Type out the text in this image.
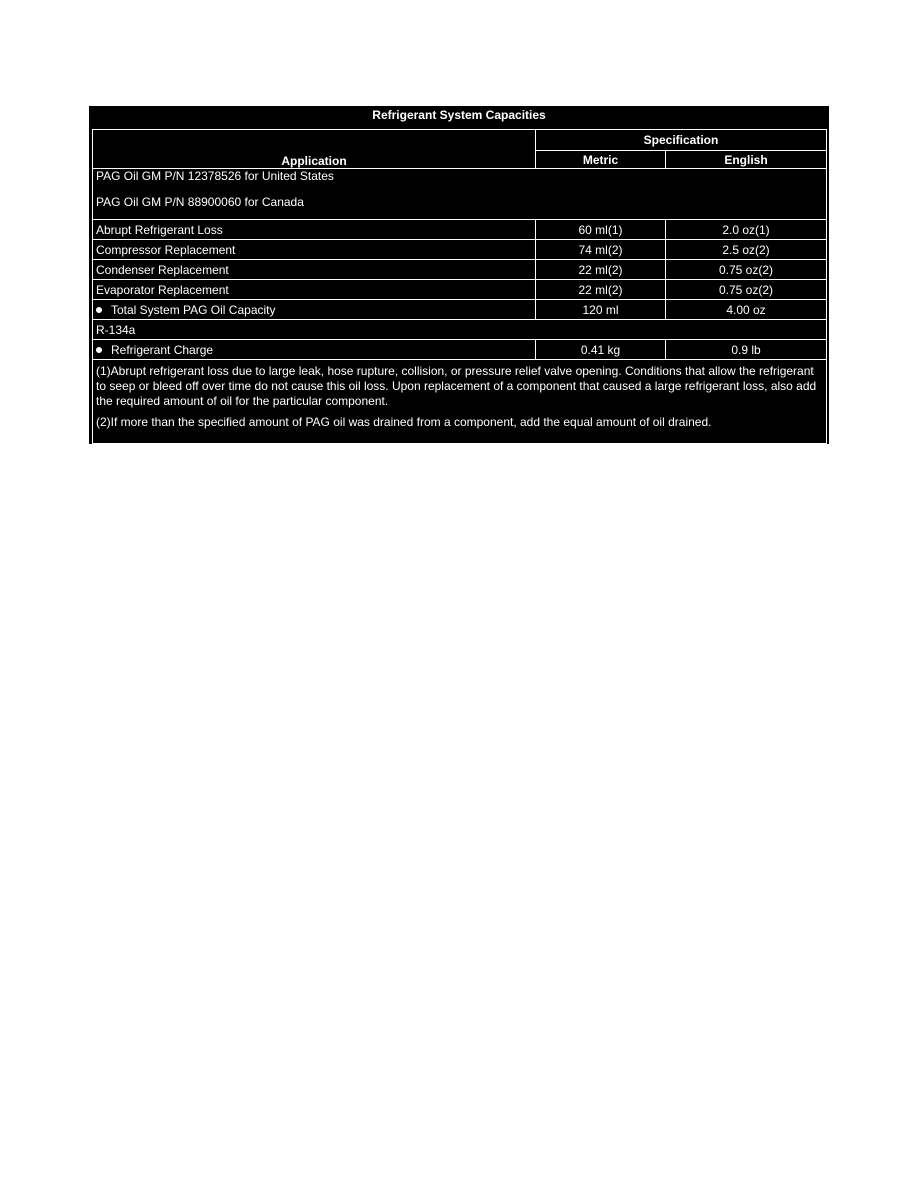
Refrigerant System Capacities
Application	Specification	
	Metric	English

PAG Oil GM P/N 12378526 for United States
PAG Oil GM P/N 88900060 for Canada		

Abrupt Refrigerant Loss	60 ml(1)	2.0 oz(1)
Compressor Replacement	74 ml(2)	2.5 oz(2)
Condenser Replacement	22 ml(2)	0.75 oz(2)
Evaporator Replacement	22 ml(2)	0.75 oz(2)
Total System PAG Oil Capacity	120 ml	4.00 oz
R-134a		
Refrigerant Charge	0.41 kg	0.9 lb

(1)Abrupt refrigerant loss due to large leak, hose rupture, collision, or pressure relief valve opening. Conditions that allow the refrigerant to seep or bleed off over time do not cause this oil loss. Upon replacement of a component that caused a large refrigerant loss, also add the required amount of oil for the particular component.
(2)If more than the specified amount of PAG oil was drained from a component, add the equal amount of oil drained.		
